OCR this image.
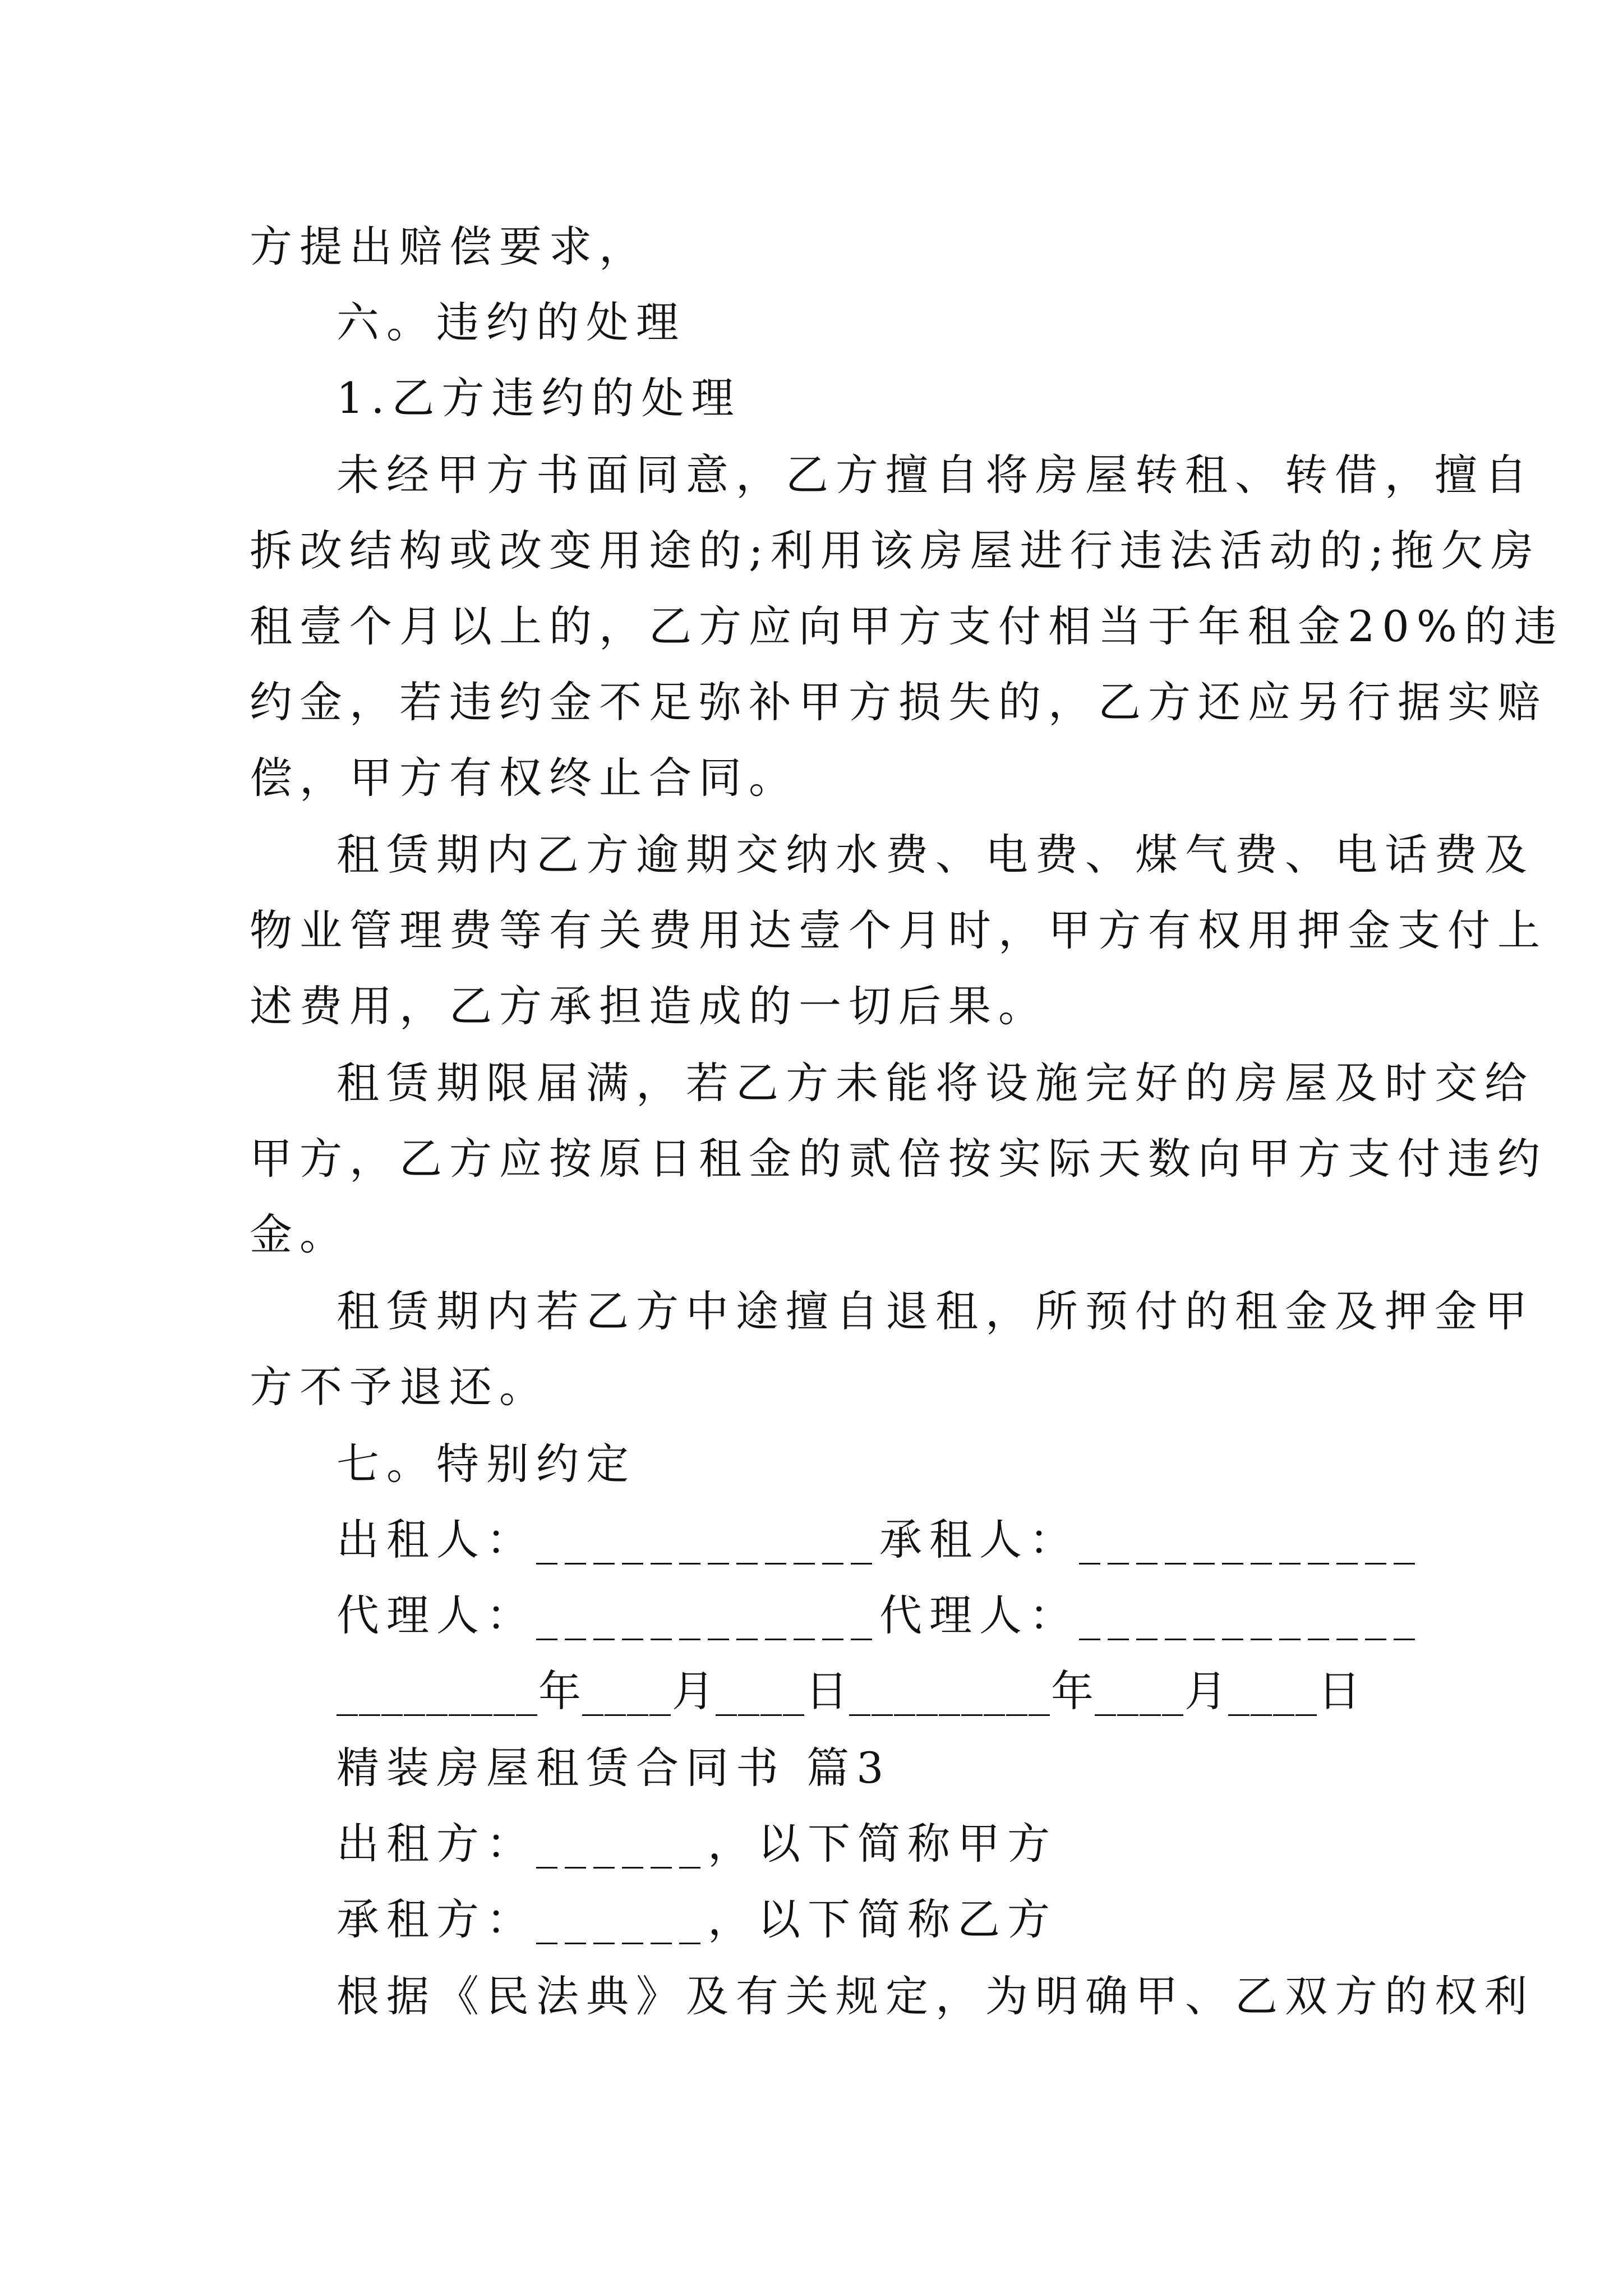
方提出赔偿要求，
六。违约的处理
1.乙方违约的处理
未经甲方书面同意，乙方擅自将房屋转租、转借，擅自
拆改结构或改变用途的;利用该房屋进行违法活动的;拖欠房
租壹个月以上的，乙方应向甲方支付相当于年租金20%的违
约金，若违约金不足弥补甲方损失的，乙方还应另行据实赔
偿，甲方有权终止合同。
租赁期内乙方逾期交纳水费、电费、煤气费、电话费及
物业管理费等有关费用达壹个月时，甲方有权用押金支付上
述费用，乙方承担造成的一切后果。
租赁期限届满，若乙方未能将设施完好的房屋及时交给
甲方，乙方应按原日租金的贰倍按实际天数向甲方支付违约
金。
租赁期内若乙方中途擅自退租，所预付的租金及押金甲
方不予退还。
七。特别约定
出租人：____________承租人：____________
代理人：____________代理人：____________
_________年____月____日_________年____月____日
精装房屋租赁合同书 篇3
出租方：______，以下简称甲方
承租方：______，以下简称乙方
根据《民法典》及有关规定，为明确甲、乙双方的权利
